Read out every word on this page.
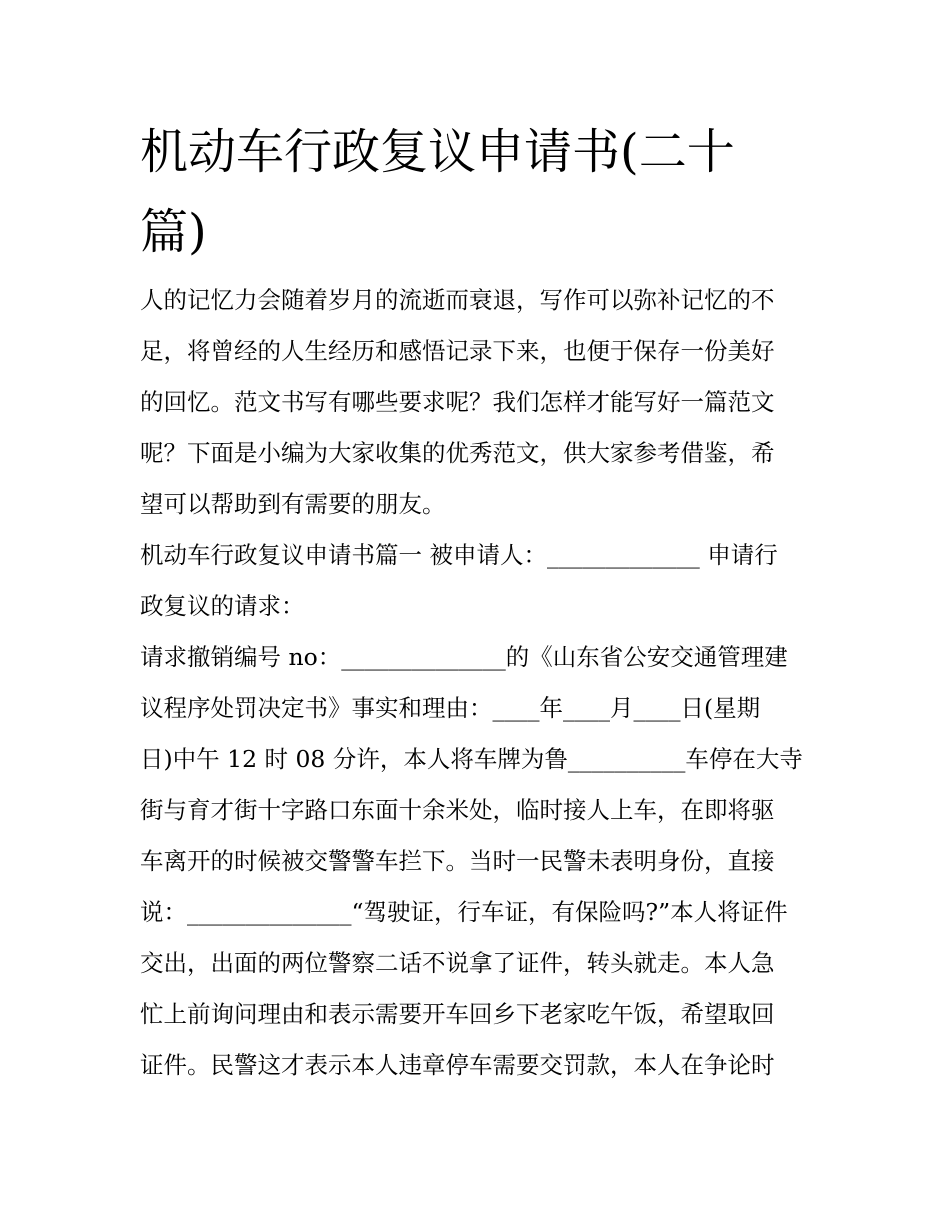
机动车行政复议申请书(二十
篇)
人的记忆力会随着岁月的流逝而衰退，写作可以弥补记忆的不
足，将曾经的人生经历和感悟记录下来，也便于保存一份美好
的回忆。范文书写有哪些要求呢？我们怎样才能写好一篇范文
呢？下面是小编为大家收集的优秀范文，供大家参考借鉴，希
望可以帮助到有需要的朋友。
机动车行政复议申请书篇一 被申请人：_____________ 申请行
政复议的请求：
请求撤销编号 no：______________的《山东省公安交通管理建
议程序处罚决定书》事实和理由：____年____月____日(星期
日)中午 12 时 08 分许，本人将车牌为鲁__________车停在大寺
街与育才街十字路口东面十余米处，临时接人上车，在即将驱
车离开的时候被交警警车拦下。当时一民警未表明身份，直接
说：______________“驾驶证，行车证，有保险吗?”本人将证件
交出，出面的两位警察二话不说拿了证件，转头就走。本人急
忙上前询问理由和表示需要开车回乡下老家吃午饭，希望取回
证件。民警这才表示本人违章停车需要交罚款，本人在争论时
